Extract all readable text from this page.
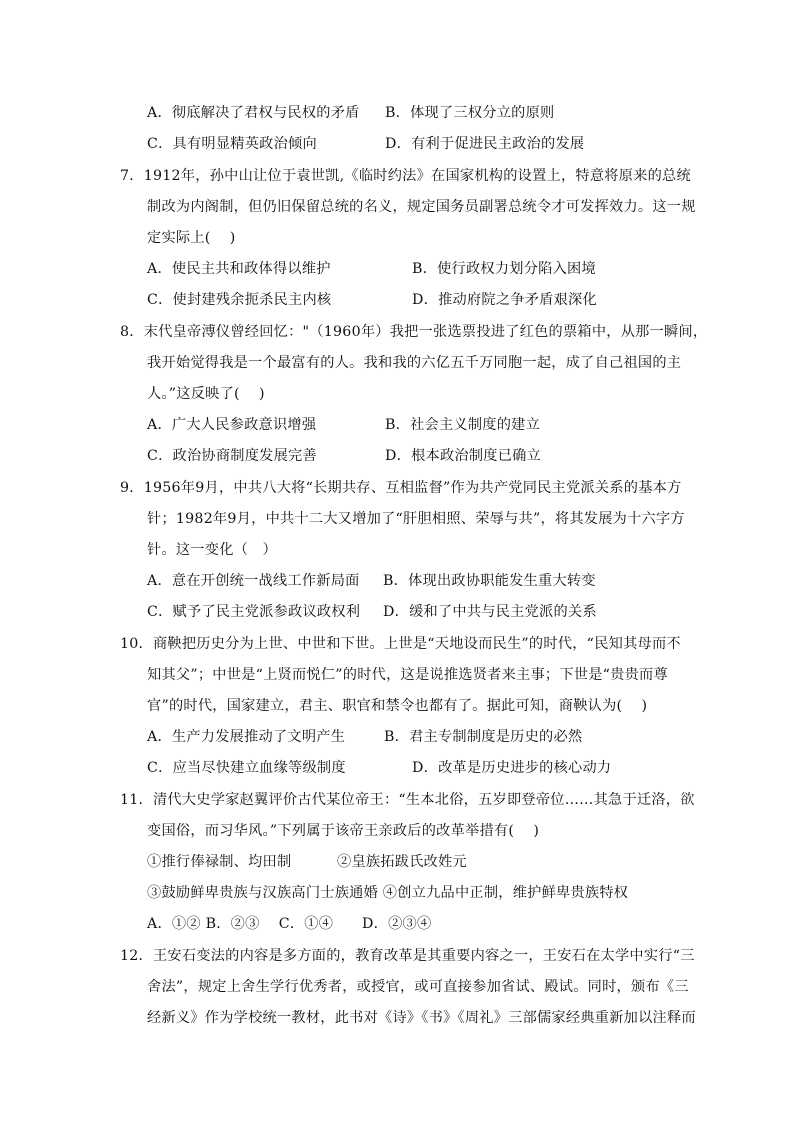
A．彻底解决了君权与民权的矛盾 B．体现了三权分立的原则
C．具有明显精英政治倾向	D．有利于促进民主政治的发展
7．1912年，孙中山让位于袁世凯,《临时约法》在国家机构的设置上，特意将原来的总统
制改为内阁制，但仍旧保留总统的名义，规定国务员副署总统令才可发挥效力。这一规
定实际上(　 )
A．使民主共和政体得以维护	B．使行政权力划分陷入困境
C．使封建残余扼杀民主内核	D．推动府院之争矛盾艰深化
8．末代皇帝溥仪曾经回忆："（1960年）我把一张选票投进了红色的票箱中，从那一瞬间，
我开始觉得我是一个最富有的人。我和我的六亿五千万同胞一起，成了自己祖国的主
人。”这反映了(　 )
A．广大人民参政意识增强	B．社会主义制度的建立
C．政治协商制度发展完善	D．根本政治制度已确立
9．1956年9月，中共八大将“长期共存、互相监督”作为共产党同民主党派关系的基本方
针；1982年9月，中共十二大又增加了“肝胆相照、荣辱与共”，将其发展为十六字方
针。这一变化（　）
A．意在开创统一战线工作新局面 B．体现出政协职能发生重大转变
C．赋予了民主党派参政议政权利 D．缓和了中共与民主党派的关系
10．商鞅把历史分为上世、中世和下世。上世是“天地设而民生”的时代，“民知其母而不
知其父”；中世是“上贤而悦仁”的时代，这是说推选贤者来主事；下世是“贵贵而尊
官”的时代，国家建立，君主、职官和禁令也都有了。据此可知，商鞅认为(　 )
A．生产力发展推动了文明产生	B．君主专制制度是历史的必然
C．应当尽快建立血缘等级制度	D．改革是历史进步的核心动力
11．清代大史学家赵翼评价古代某位帝王：“生本北俗，五岁即登帝位……其急于迁洛，欲
变国俗，而习华风。”下列属于该帝王亲政后的改革举措有(　 )
①推行俸禄制、均田制	②皇族拓跋氏改姓元
③鼓励鲜卑贵族与汉族高门士族通婚 ④创立九品中正制，维护鲜卑贵族特权
A．①② B．②③　 C．①④　　D．②③④
12．王安石变法的内容是多方面的，教育改革是其重要内容之一，王安石在太学中实行“三
舍法”，规定上舍生学行优秀者，或授官，或可直接参加省试、殿试。同时，颁布《三
经新义》作为学校统一教材，此书对《诗》《书》《周礼》三部儒家经典重新加以注释而
